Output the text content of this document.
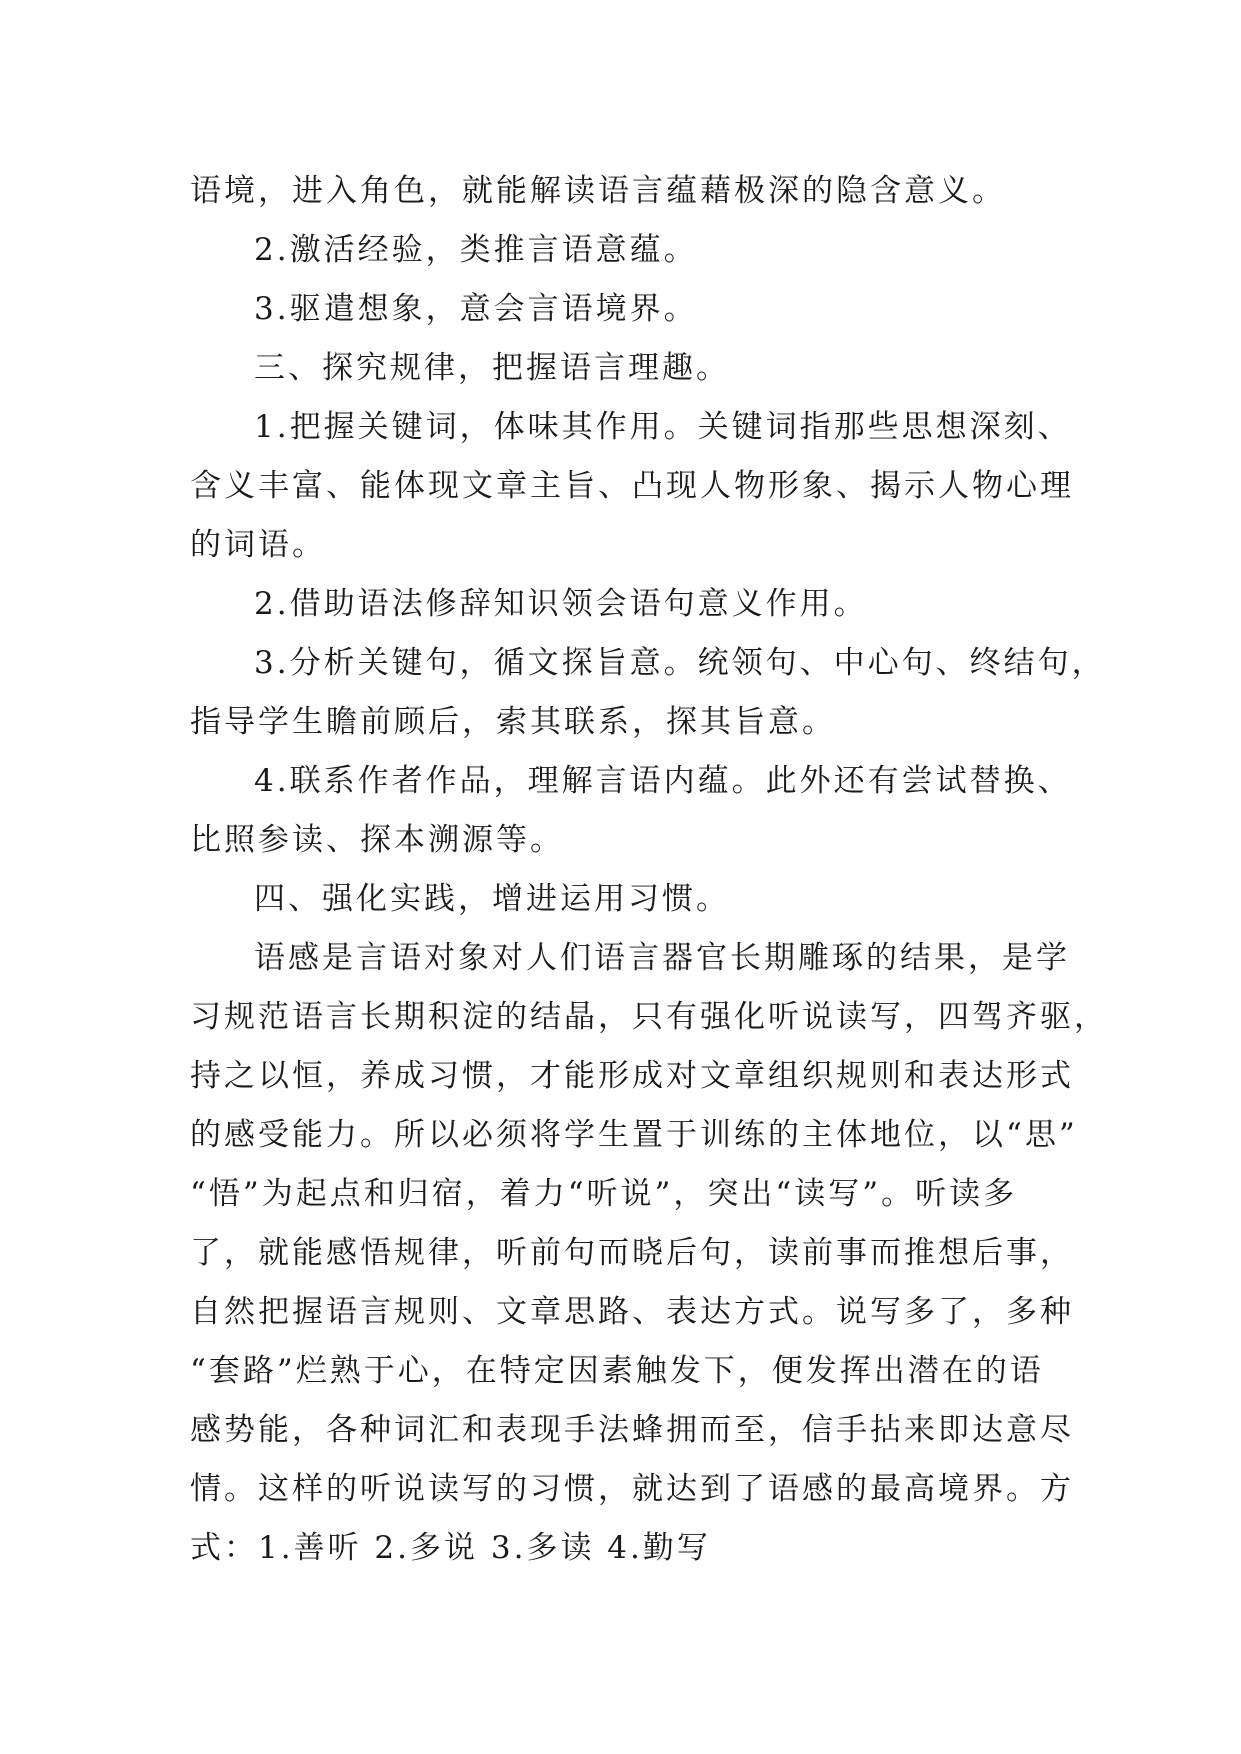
语境，进入角色，就能解读语言蕴藉极深的隐含意义。
2.激活经验，类推言语意蕴。
3.驱遣想象，意会言语境界。
三、探究规律，把握语言理趣。
1.把握关键词，体味其作用。关键词指那些思想深刻、
含义丰富、能体现文章主旨、凸现人物形象、揭示人物心理
的词语。
2.借助语法修辞知识领会语句意义作用。
3.分析关键句，循文探旨意。统领句、中心句、终结句，
指导学生瞻前顾后，索其联系，探其旨意。
4.联系作者作品，理解言语内蕴。此外还有尝试替换、
比照参读、探本溯源等。
四、强化实践，增进运用习惯。
语感是言语对象对人们语言器官长期雕琢的结果，是学
习规范语言长期积淀的结晶，只有强化听说读写，四驾齐驱，
持之以恒，养成习惯，才能形成对文章组织规则和表达形式
的感受能力。所以必须将学生置于训练的主体地位，以“思”
“悟”为起点和归宿，着力“听说”，突出“读写”。听读多
了，就能感悟规律，听前句而晓后句，读前事而推想后事，
自然把握语言规则、文章思路、表达方式。说写多了，多种
“套路”烂熟于心，在特定因素触发下，便发挥出潜在的语
感势能，各种词汇和表现手法蜂拥而至，信手拈来即达意尽
情。这样的听说读写的习惯，就达到了语感的最高境界。方
式：1.善听 2.多说 3.多读 4.勤写
